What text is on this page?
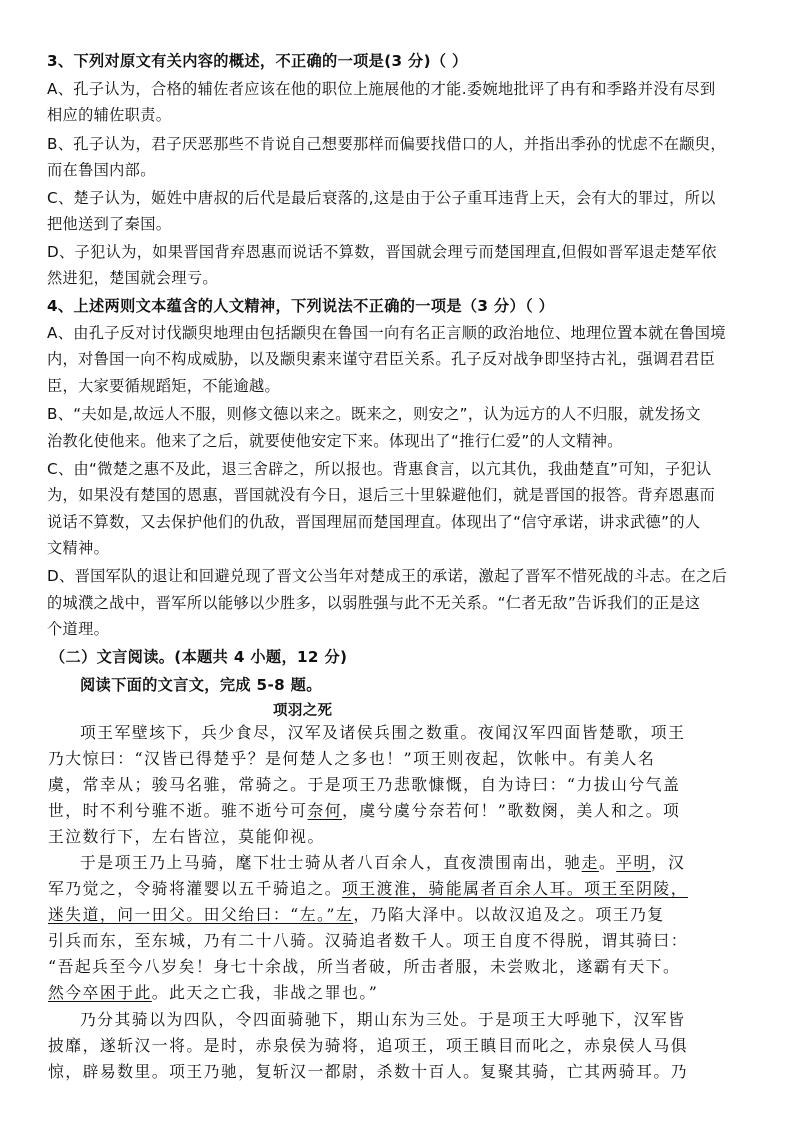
3、下列对原文有关内容的概述，不正确的一项是(3 分)（ ）
A、孔子认为，合格的辅佐者应该在他的职位上施展他的才能.委婉地批评了冉有和季路并没有尽到
相应的辅佐职责。
B、孔子认为，君子厌恶那些不肯说自己想要那样而偏要找借口的人，并指出季孙的忧虑不在颛臾，
而在鲁国内部。
C、楚子认为，姬姓中唐叔的后代是最后衰落的,这是由于公子重耳违背上天，会有大的罪过，所以
把他送到了秦国。
D、子犯认为，如果晋国背弃恩惠而说话不算数，晋国就会理亏而楚国理直,但假如晋军退走楚军依
然进犯，楚国就会理亏。
4、上述两则文本蕴含的人文精神，下列说法不正确的一项是（3 分）（ ）
A、由孔子反对讨伐颛臾地理由包括颛臾在鲁国一向有名正言顺的政治地位、地理位置本就在鲁国境
内，对鲁国一向不构成威胁，以及颛臾素来谨守君臣关系。孔子反对战争即坚持古礼，强调君君臣
臣，大家要循规蹈矩，不能逾越。
B、“夫如是,故远人不服，则修文德以来之。既来之，则安之”，认为远方的人不归服，就发扬文
治教化使他来。他来了之后，就要使他安定下来。体现出了“推行仁爱”的人文精神。
C、由“微楚之惠不及此，退三舍辟之，所以报也。背惠食言，以亢其仇，我曲楚直”可知，子犯认
为，如果没有楚国的恩惠，晋国就没有今日，退后三十里躲避他们，就是晋国的报答。背弃恩惠而
说话不算数，又去保护他们的仇敌，晋国理屈而楚国理直。体现出了“信守承诺，讲求武德”的人
文精神。
D、晋国军队的退让和回避兑现了晋文公当年对楚成王的承诺，激起了晋军不惜死战的斗志。在之后
的城濮之战中，晋军所以能够以少胜多，以弱胜强与此不无关系。“仁者无敌”告诉我们的正是这
个道理。
（二）文言阅读。(本题共 4 小题，12 分)
阅读下面的文言文，完成 5-8 题。
项羽之死
项王军壁垓下，兵少食尽，汉军及诸侯兵围之数重。夜闻汉军四面皆楚歌，项王
乃大惊曰：“汉皆已得楚乎？是何楚人之多也！”项王则夜起，饮帐中。有美人名
虞，常幸从；骏马名骓，常骑之。于是项王乃悲歌慷慨，自为诗曰：“力拔山兮气盖
世，时不利兮骓不逝。骓不逝兮可奈何，虞兮虞兮奈若何！”歌数阕，美人和之。项
王泣数行下，左右皆泣，莫能仰视。
于是项王乃上马骑，麾下壮士骑从者八百余人，直夜溃围南出，驰走。平明，汉
军乃觉之，令骑将灌婴以五千骑追之。项王渡淮，骑能属者百余人耳。项王至阴陵，
迷失道，问一田父。田父绐曰：“左。”左，乃陷大泽中。以故汉追及之。项王乃复
引兵而东，至东城，乃有二十八骑。汉骑追者数千人。项王自度不得脱，谓其骑曰：
“吾起兵至今八岁矣！身七十余战，所当者破，所击者服，未尝败北，遂霸有天下。
然今卒困于此。此天之亡我，非战之罪也。”
乃分其骑以为四队，令四面骑驰下，期山东为三处。于是项王大呼驰下，汉军皆
披靡，遂斩汉一将。是时，赤泉侯为骑将，追项王，项王瞋目而叱之，赤泉侯人马俱
惊，辟易数里。项王乃驰，复斩汉一都尉，杀数十百人。复聚其骑，亡其两骑耳。乃
